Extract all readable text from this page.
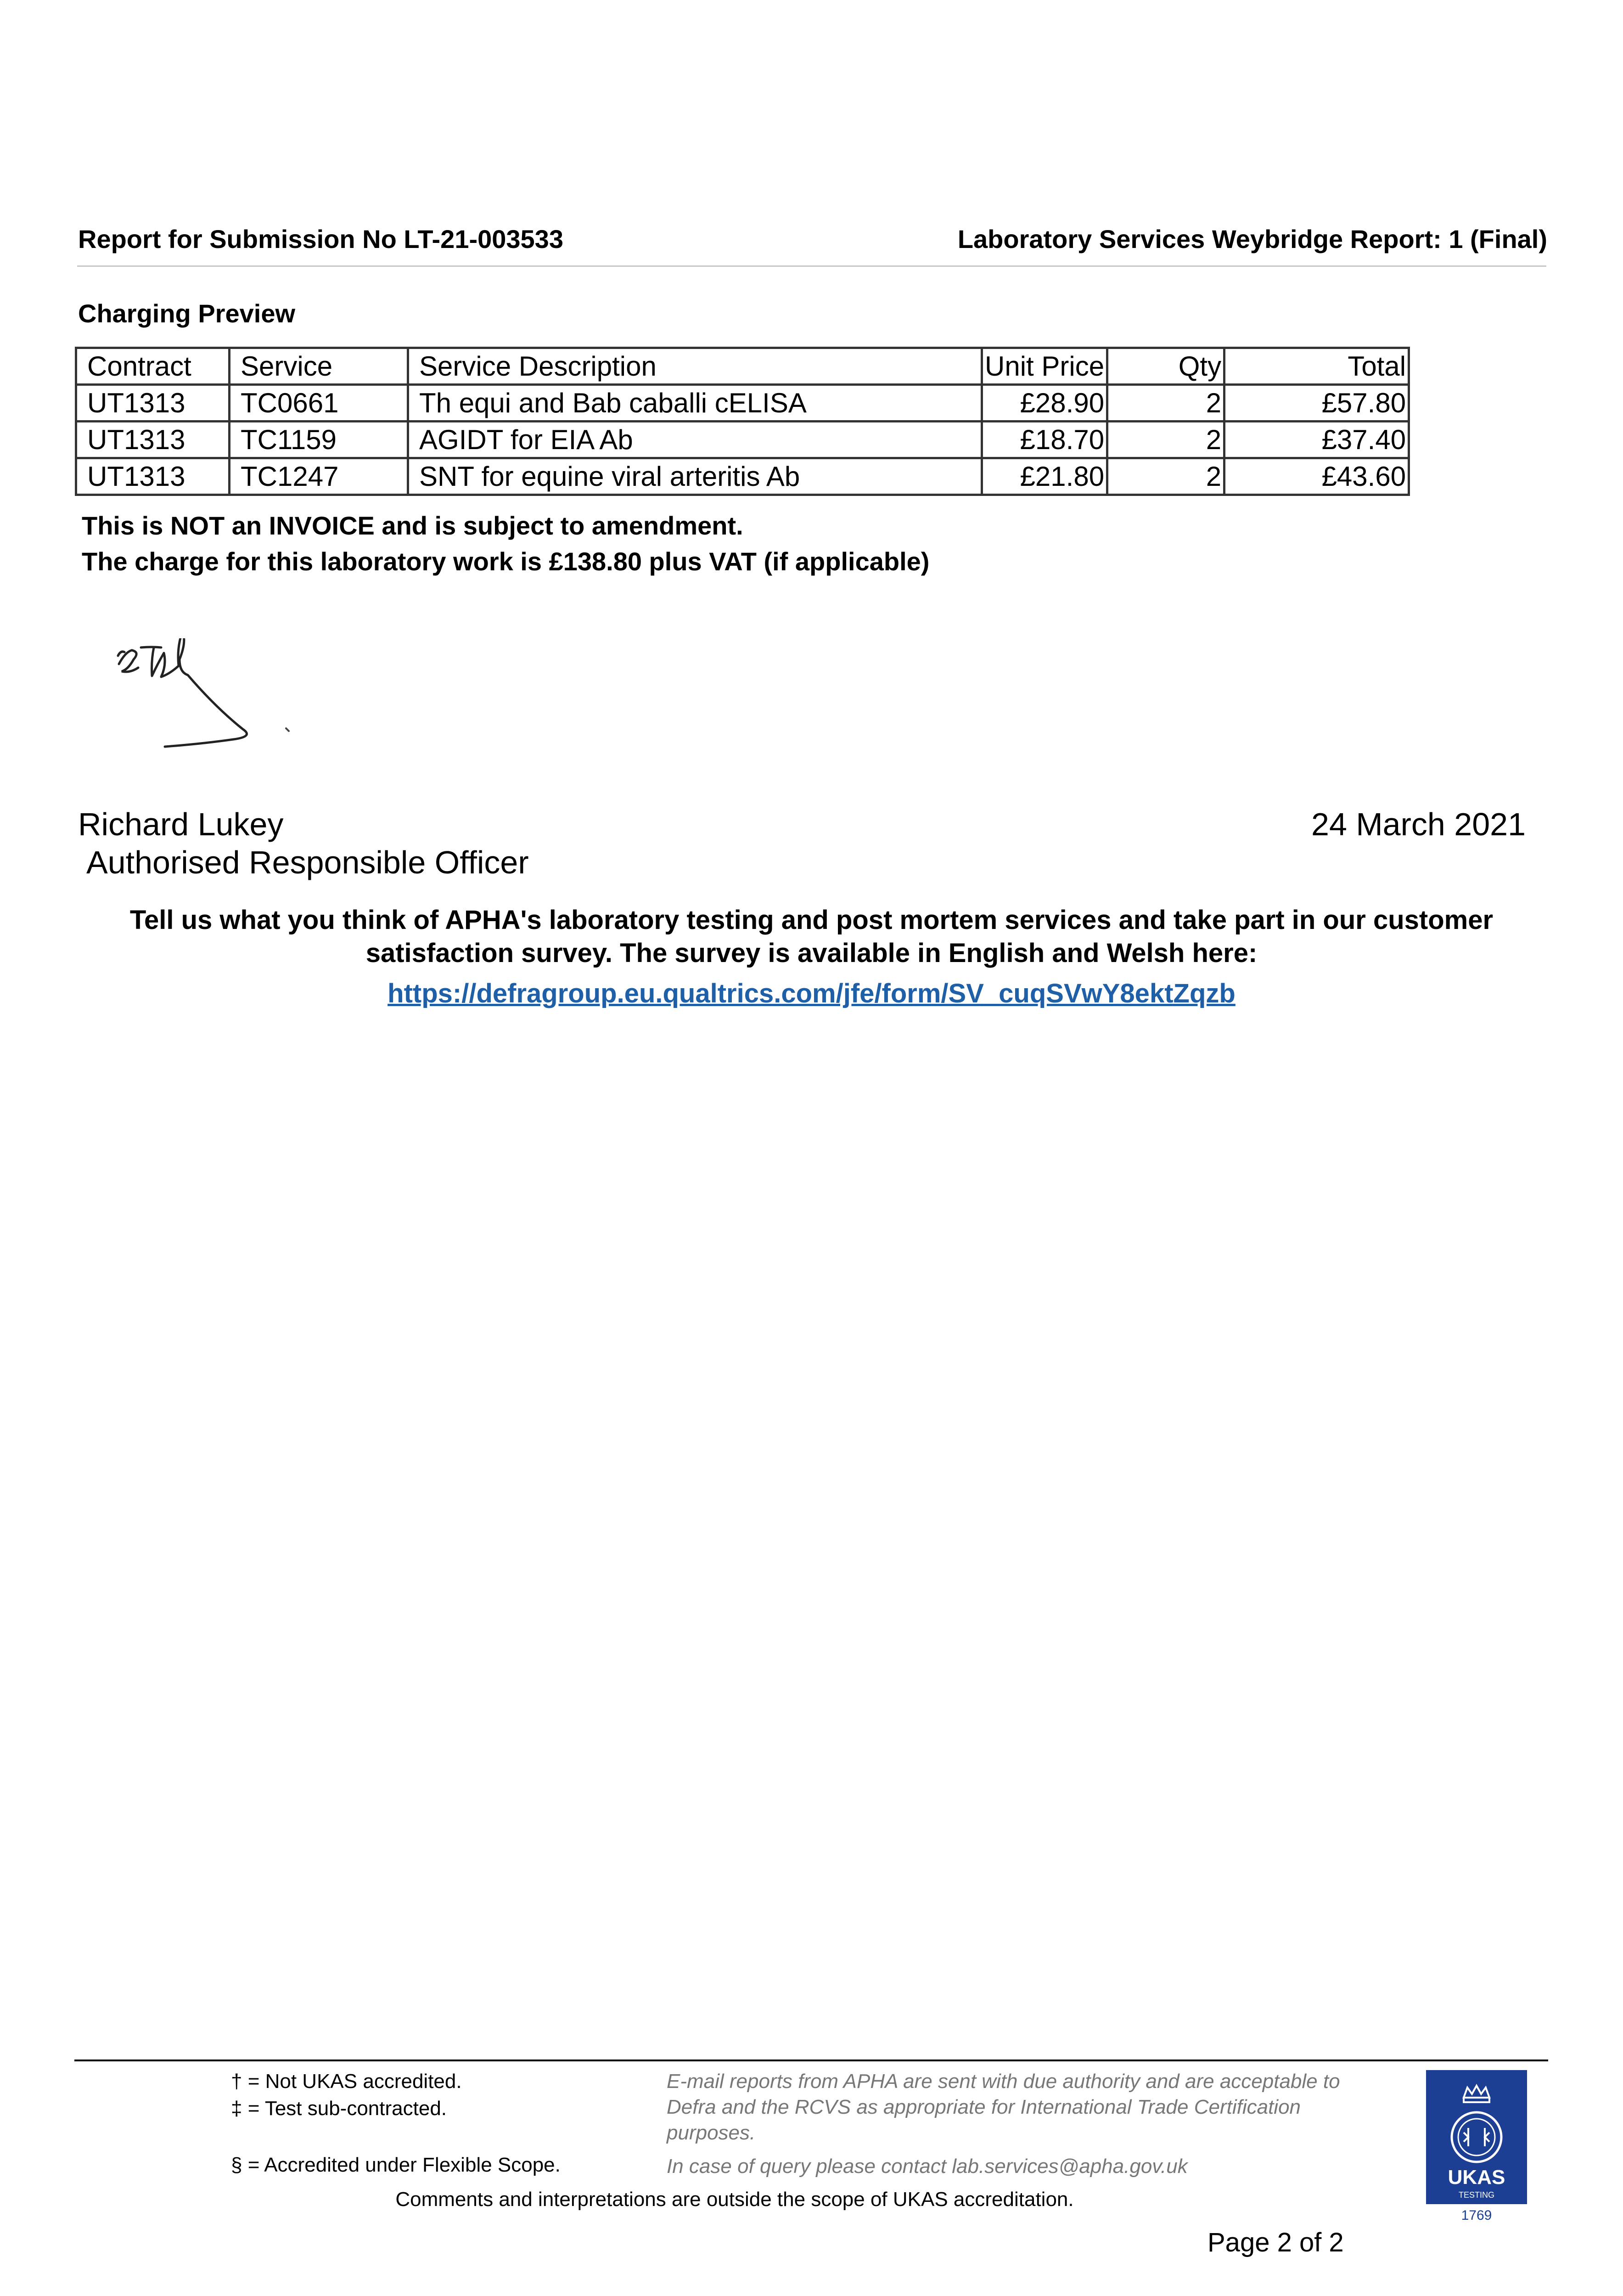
Report for Submission No LT-21-003533	Laboratory Services Weybridge Report: 1 (Final)
Charging Preview
Contract	Service	Service Description	Unit Price	Qty	Total
UT1313	TC0661	Th equi and Bab caballi cELISA	£28.90	2	£57.80
UT1313	TC1159	AGIDT for EIA Ab	£18.70	2	£37.40
UT1313	TC1247	SNT for equine viral arteritis Ab	£21.80	2	£43.60
This is NOT an INVOICE and is subject to amendment.
The charge for this laboratory work is £138.80 plus VAT (if applicable)
Richard Lukey
Authorised Responsible Officer
24 March 2021
Tell us what you think of APHA's laboratory testing and post mortem services and take part in our customer satisfaction survey. The survey is available in English and Welsh here:
https://defragroup.eu.qualtrics.com/jfe/form/SV_cuqSVwY8ektZqzb
† = Not UKAS accredited.
‡ = Test sub-contracted.
§ = Accredited under Flexible Scope.
E-mail reports from APHA are sent with due authority and are acceptable to Defra and the RCVS as appropriate for International Trade Certification purposes.
In case of query please contact lab.services@apha.gov.uk
Comments and interpretations are outside the scope of UKAS accreditation.
UKAS
TESTING
1769
Page 2 of 2
